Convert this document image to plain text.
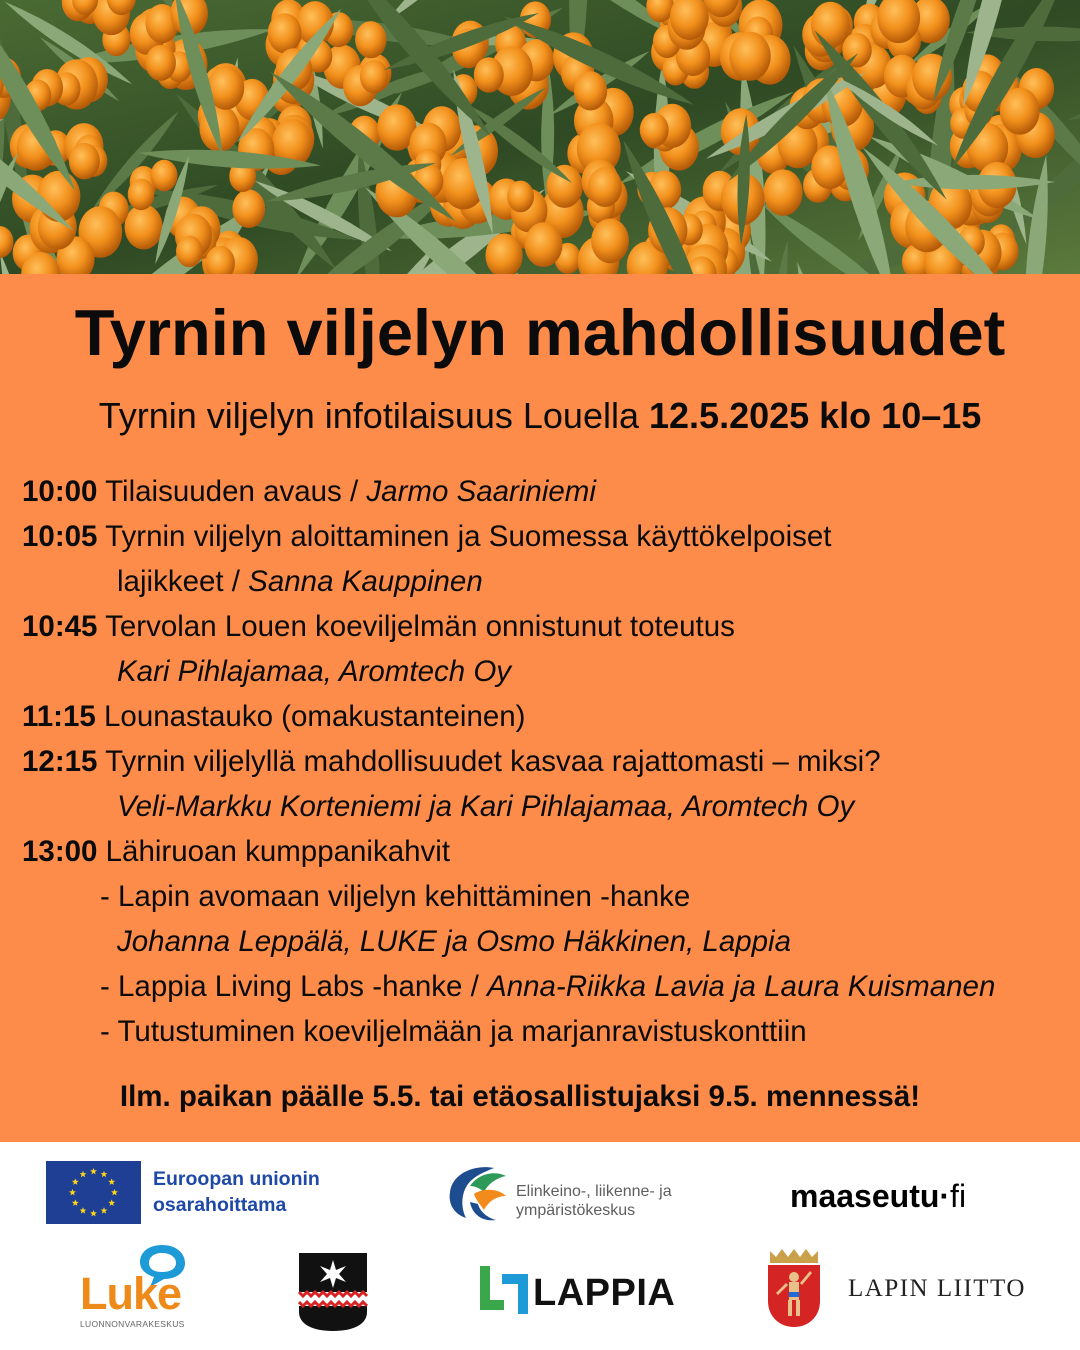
Tyrnin viljelyn mahdollisuudet
Tyrnin viljelyn infotilaisuus Louella 12.5.2025 klo 10–15
10:00 Tilaisuuden avaus / Jarmo Saariniemi
10:05 Tyrnin viljelyn aloittaminen ja Suomessa käyttökelpoiset
lajikkeet / Sanna Kauppinen
10:45 Tervolan Louen koeviljelmän onnistunut toteutus
Kari Pihlajamaa, Aromtech Oy
11:15 Lounastauko (omakustanteinen)
12:15 Tyrnin viljelyllä mahdollisuudet kasvaa rajattomasti – miksi?
Veli-Markku Korteniemi ja Kari Pihlajamaa, Aromtech Oy
13:00 Lähiruoan kumppanikahvit
- Lapin avomaan viljelyn kehittäminen -hanke
Johanna Leppälä, LUKE ja Osmo Häkkinen, Lappia
- Lappia Living Labs -hanke / Anna-Riikka Lavia ja Laura Kuismanen
- Tutustuminen koeviljelmään ja marjanravistuskonttiin
Ilm. paikan päälle 5.5. tai etäosallistujaksi 9.5. mennessä!
Euroopan unionin
osarahoittama
Elinkeino-, liikenne- ja
ympäristökeskus	maaseutu·fi
Luke
LUONNONVARAKESKUS
LAPPIA	LAPIN LIITTO
